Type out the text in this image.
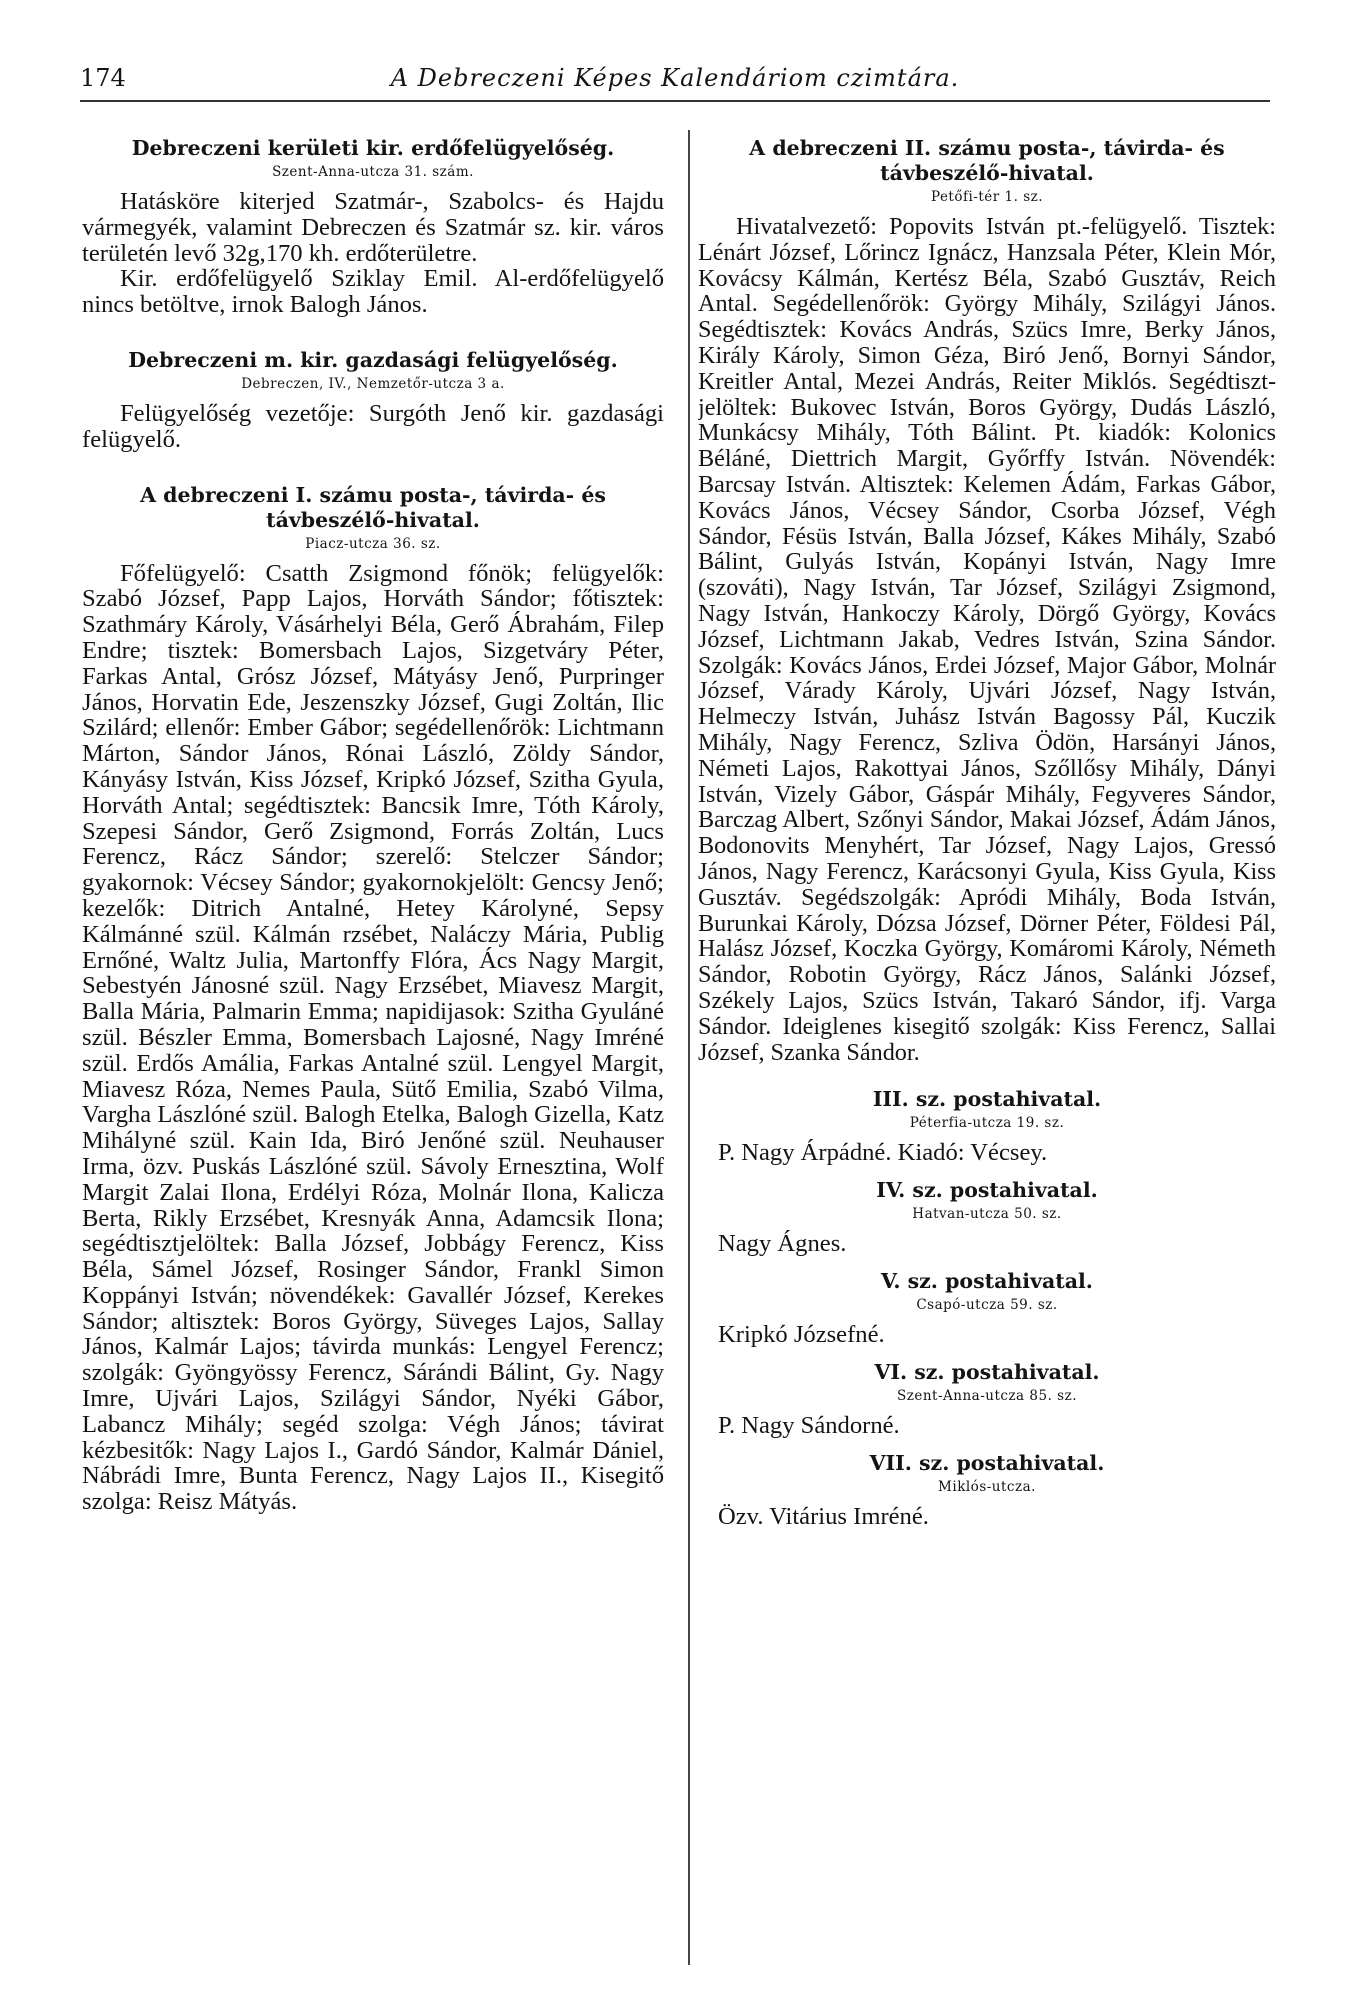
174	A Debreczeni Képes Kalendáriom czimtára.

Debreczeni kerületi kir. erdőfelügyelőség.

Szent-Anna-utcza 31. szám.

Hatásköre kiterjed Szatmár-, Szabolcs- és Hajdu vármegyék, valamint Debreczen és Szatmár sz. kir. város területén levő 32g,170 kh. erdőterületre.

Kir. erdőfelügyelő Sziklay Emil. Al-erdőfelügyelő nincs betöltve, irnok Balogh János.

Debreczeni m. kir. gazdasági felügyelőség.

Debreczen, IV., Nemzetőr-utcza 3 a.

Felügyelőség vezetője: Surgóth Jenő kir. gazdasági felügyelő.

A debreczeni I. számu posta-, távirda- és

távbeszélő-hivatal.

Piacz-utcza 36. sz.

Főfelügyelő: Csatth Zsigmond főnök; felügyelők: Szabó József, Papp Lajos, Horváth Sándor; főtisztek: Szathmáry Károly, Vásárhelyi Béla, Gerő Ábrahám, Filep Endre; tisztek: Bomersbach Lajos, Sizgetváry Péter, Farkas Antal, Grósz József, Mátyásy Jenő, Purpringer János, Horvatin Ede, Jeszenszky József, Gugi Zoltán, Ilic Szilárd; ellenőr: Ember Gábor; segédellenőrök: Lichtmann Márton, Sándor János, Rónai László, Zöldy Sándor, Kányásy István, Kiss József, Kripkó József, Szitha Gyula, Horváth Antal; segédtisztek: Bancsik Imre, Tóth Károly, Szepesi Sándor, Gerő Zsigmond, Forrás Zoltán, Lucs Ferencz, Rácz Sándor; szerelő: Stelczer Sándor; gyakornok: Vécsey Sándor; gyakornokjelölt: Gencsy Jenő; kezelők: Ditrich Antalné, Hetey Károlyné, Sepsy Kálmánné szül. Kálmán rzsébet, Naláczy Mária, Publig Ernőné, Waltz Julia, Martonffy Flóra, Ács Nagy Margit, Sebestyén Jánosné szül. Nagy Erzsébet, Miavesz Margit, Balla Mária, Palmarin Emma; napidijasok: Szitha Gyuláné szül. Bészler Emma, Bomersbach Lajosné, Nagy Imréné szül. Erdős Amália, Farkas Antalné szül. Lengyel Margit, Miavesz Róza, Nemes Paula, Sütő Emilia, Szabó Vilma, Vargha Lászlóné szül. Balogh Etelka, Balogh Gizella, Katz Mihályné szül. Kain Ida, Biró Jenőné szül. Neuhauser Irma, özv. Puskás Lászlóné szül. Sávoly Ernesztina, Wolf Margit Zalai Ilona, Erdélyi Róza, Molnár Ilona, Kalicza Berta, Rikly Erzsébet, Kresnyák Anna, Adamcsik Ilona; segédtisztjelöltek: Balla József, Jobbágy Ferencz, Kiss Béla, Sámel József, Rosinger Sándor, Frankl Simon Koppányi István; növendékek: Gavallér József, Kerekes Sándor; altisztek: Boros György, Süveges Lajos, Sallay János, Kalmár Lajos; távirda munkás: Lengyel Ferencz; szolgák: Gyöngyössy Ferencz, Sárándi Bálint, Gy. Nagy Imre, Ujvári Lajos, Szilágyi Sándor, Nyéki Gábor, Labancz Mihály; segéd szolga: Végh János; távirat kézbesitők: Nagy Lajos I., Gardó Sándor, Kalmár Dániel, Nábrádi Imre, Bunta Ferencz, Nagy Lajos II., Kisegitő szolga: Reisz Mátyás.

A debreczeni II. számu posta-, távirda- és

távbeszélő-hivatal.

Petőfi-tér 1. sz.

Hivatalvezető: Popovits István pt.-felügyelő. Tisztek: Lénárt József, Lőrincz Ignácz, Hanzsala Péter, Klein Mór, Kovácsy Kálmán, Kertész Béla, Szabó Gusztáv, Reich Antal. Segédellenőrök: György Mihály, Szilágyi János. Segédtisztek: Kovács András, Szücs Imre, Berky János, Király Károly, Simon Géza, Biró Jenő, Bornyi Sándor, Kreitler Antal, Mezei András, Reiter Miklós. Segédtiszt-jelöltek: Bukovec István, Boros György, Dudás László, Munkácsy Mihály, Tóth Bálint. Pt. kiadók: Kolonics Béláné, Diettrich Margit, Győrffy István. Növendék: Barcsay István. Altisztek: Kelemen Ádám, Farkas Gábor, Kovács János, Vécsey Sándor, Csorba József, Végh Sándor, Fésüs István, Balla József, Kákes Mihály, Szabó Bálint, Gulyás István, Kopányi István, Nagy Imre (szováti), Nagy István, Tar József, Szilágyi Zsigmond, Nagy István, Hankoczy Károly, Dörgő György, Kovács József, Lichtmann Jakab, Vedres István, Szina Sándor. Szolgák: Kovács János, Erdei József, Major Gábor, Molnár József, Várady Károly, Ujvári József, Nagy István, Helmeczy István, Juhász István Bagossy Pál, Kuczik Mihály, Nagy Ferencz, Szliva Ödön, Harsányi János, Németi Lajos, Rakottyai János, Szőllősy Mihály, Dányi István, Vizely Gábor, Gáspár Mihály, Fegyveres Sándor, Barczag Albert, Szőnyi Sándor, Makai József, Ádám János, Bodonovits Menyhért, Tar József, Nagy Lajos, Gressó János, Nagy Ferencz, Karácsonyi Gyula, Kiss Gyula, Kiss Gusztáv. Segédszolgák: Apródi Mihály, Boda István, Burunkai Károly, Dózsa József, Dörner Péter, Földesi Pál, Halász József, Koczka György, Komáromi Károly, Németh Sándor, Robotin György, Rácz János, Salánki József, Székely Lajos, Szücs István, Takaró Sándor, ifj. Varga Sándor. Ideiglenes kisegitő szolgák: Kiss Ferencz, Sallai József, Szanka Sándor.

III. sz. postahivatal.

Péterfia-utcza 19. sz.

P. Nagy Árpádné. Kiadó: Vécsey.

IV. sz. postahivatal.

Hatvan-utcza 50. sz.

Nagy Ágnes.

V. sz. postahivatal.

Csapó-utcza 59. sz.

Kripkó Józsefné.

VI. sz. postahivatal.

Szent-Anna-utcza 85. sz.

P. Nagy Sándorné.

VII. sz. postahivatal.

Miklós-utcza.

Özv. Vitárius Imréné.
